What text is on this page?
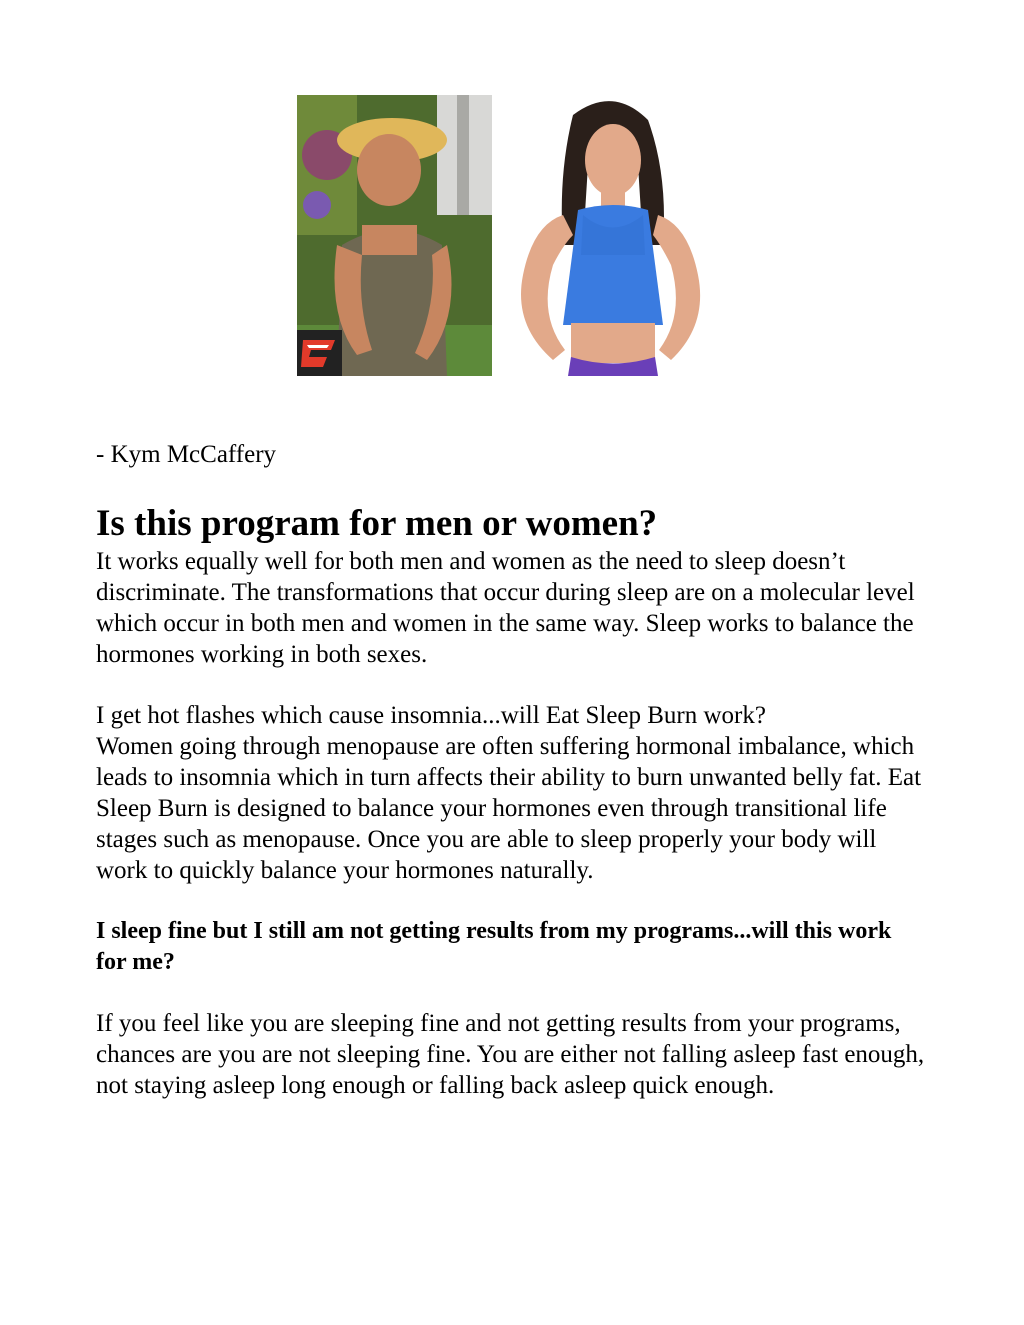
- Kym McCaffery

Is this program for men or women?

It works equally well for both men and women as the need to sleep doesn’t discriminate. The transformations that occur during sleep are on a molecular level which occur in both men and women in the same way. Sleep works to balance the hormones working in both sexes.

I get hot flashes which cause insomnia...will Eat Sleep Burn work?

Women going through menopause are often suffering hormonal imbalance, which leads to insomnia which in turn affects their ability to burn unwanted belly fat. Eat Sleep Burn is designed to balance your hormones even through transitional life stages such as menopause. Once you are able to sleep properly your body will work to quickly balance your hormones naturally.

I sleep fine but I still am not getting results from my programs...will this work for me?

If you feel like you are sleeping fine and not getting results from your programs, chances are you are not sleeping fine. You are either not falling asleep fast enough, not staying asleep long enough or falling back asleep quick enough.
